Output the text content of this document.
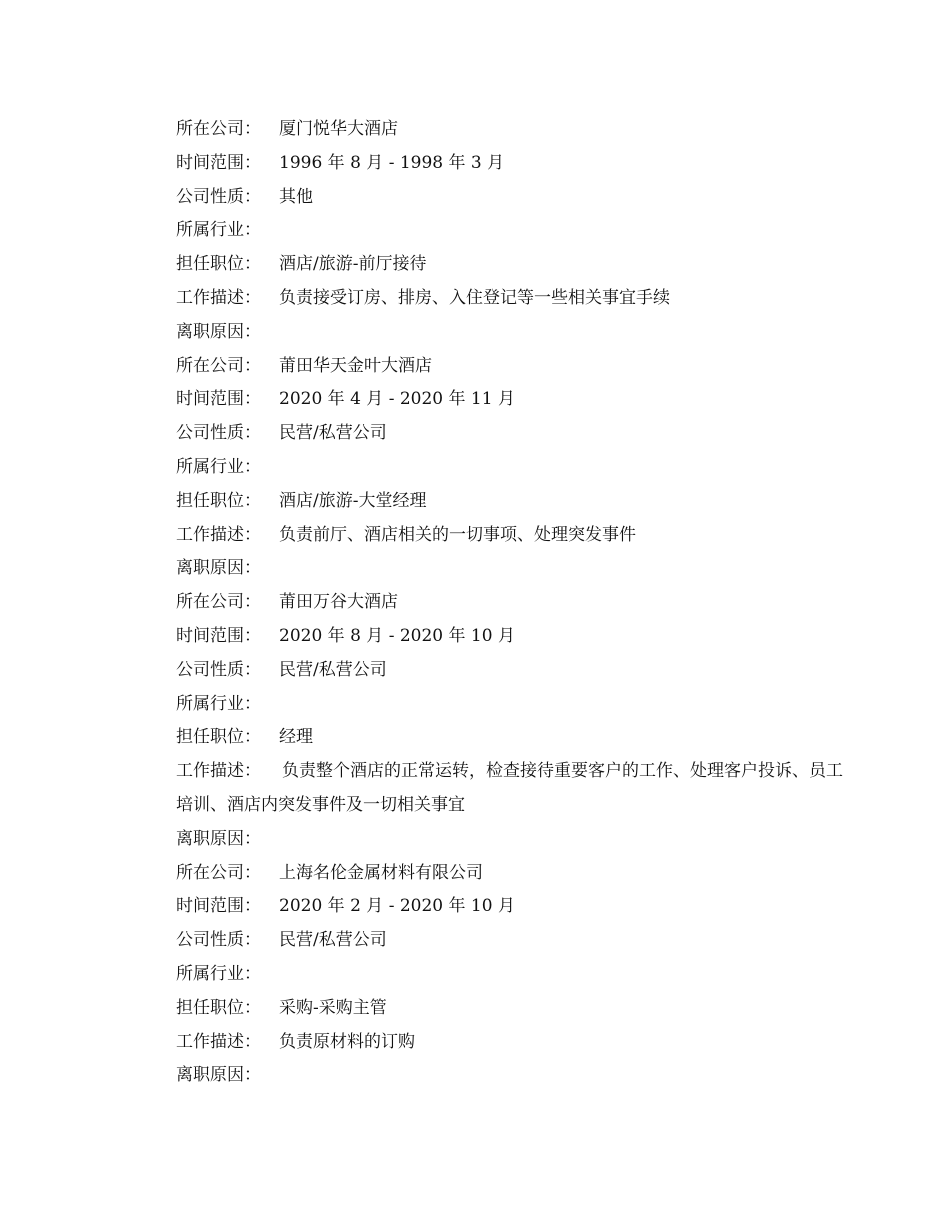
所在公司： 厦门悦华大酒店
时间范围： 1996 年 8 月 - 1998 年 3 月
公司性质： 其他
所属行业：
担任职位： 酒店/旅游-前厅接待
工作描述： 负责接受订房、排房、入住登记等一些相关事宜手续
离职原因：
所在公司： 莆田华天金叶大酒店
时间范围： 2020 年 4 月 - 2020 年 11 月
公司性质： 民营/私营公司
所属行业：
担任职位： 酒店/旅游-大堂经理
工作描述： 负责前厅、酒店相关的一切事项、处理突发事件
离职原因：
所在公司： 莆田万谷大酒店
时间范围： 2020 年 8 月 - 2020 年 10 月
公司性质： 民营/私营公司
所属行业：
担任职位： 经理
工作描述： 负责整个酒店的正常运转，检查接待重要客户的工作、处理客户投诉、员工培训、酒店内突发事件及一切相关事宜
离职原因：
所在公司： 上海名伦金属材料有限公司
时间范围： 2020 年 2 月 - 2020 年 10 月
公司性质： 民营/私营公司
所属行业：
担任职位： 采购-采购主管
工作描述： 负责原材料的订购
离职原因：
